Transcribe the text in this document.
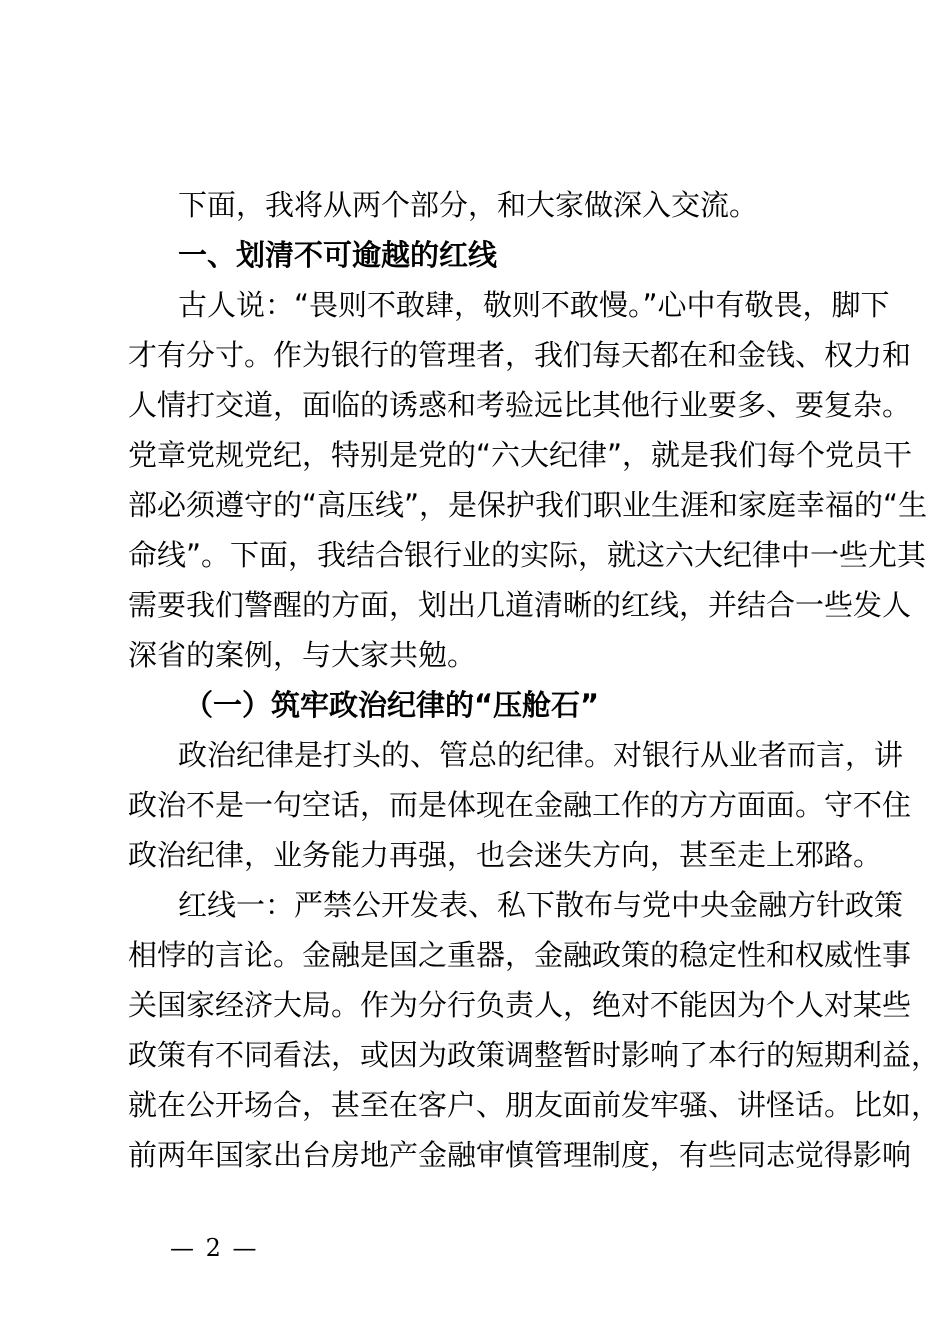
下面，我将从两个部分，和大家做深入交流。
一、划清不可逾越的红线
古人说：“畏则不敢肆，敬则不敢慢。”心中有敬畏，脚下
才有分寸。作为银行的管理者，我们每天都在和金钱、权力和
人情打交道，面临的诱惑和考验远比其他行业要多、要复杂。
党章党规党纪，特别是党的“六大纪律”，就是我们每个党员干
部必须遵守的“高压线”，是保护我们职业生涯和家庭幸福的“生
命线”。下面，我结合银行业的实际，就这六大纪律中一些尤其
需要我们警醒的方面，划出几道清晰的红线，并结合一些发人
深省的案例，与大家共勉。
（一）筑牢政治纪律的“压舱石”
政治纪律是打头的、管总的纪律。对银行从业者而言，讲
政治不是一句空话，而是体现在金融工作的方方面面。守不住
政治纪律，业务能力再强，也会迷失方向，甚至走上邪路。
红线一：严禁公开发表、私下散布与党中央金融方针政策
相悖的言论。金融是国之重器，金融政策的稳定性和权威性事
关国家经济大局。作为分行负责人，绝对不能因为个人对某些
政策有不同看法，或因为政策调整暂时影响了本行的短期利益，
就在公开场合，甚至在客户、朋友面前发牢骚、讲怪话。比如，
前两年国家出台房地产金融审慎管理制度，有些同志觉得影响
— 2 —
